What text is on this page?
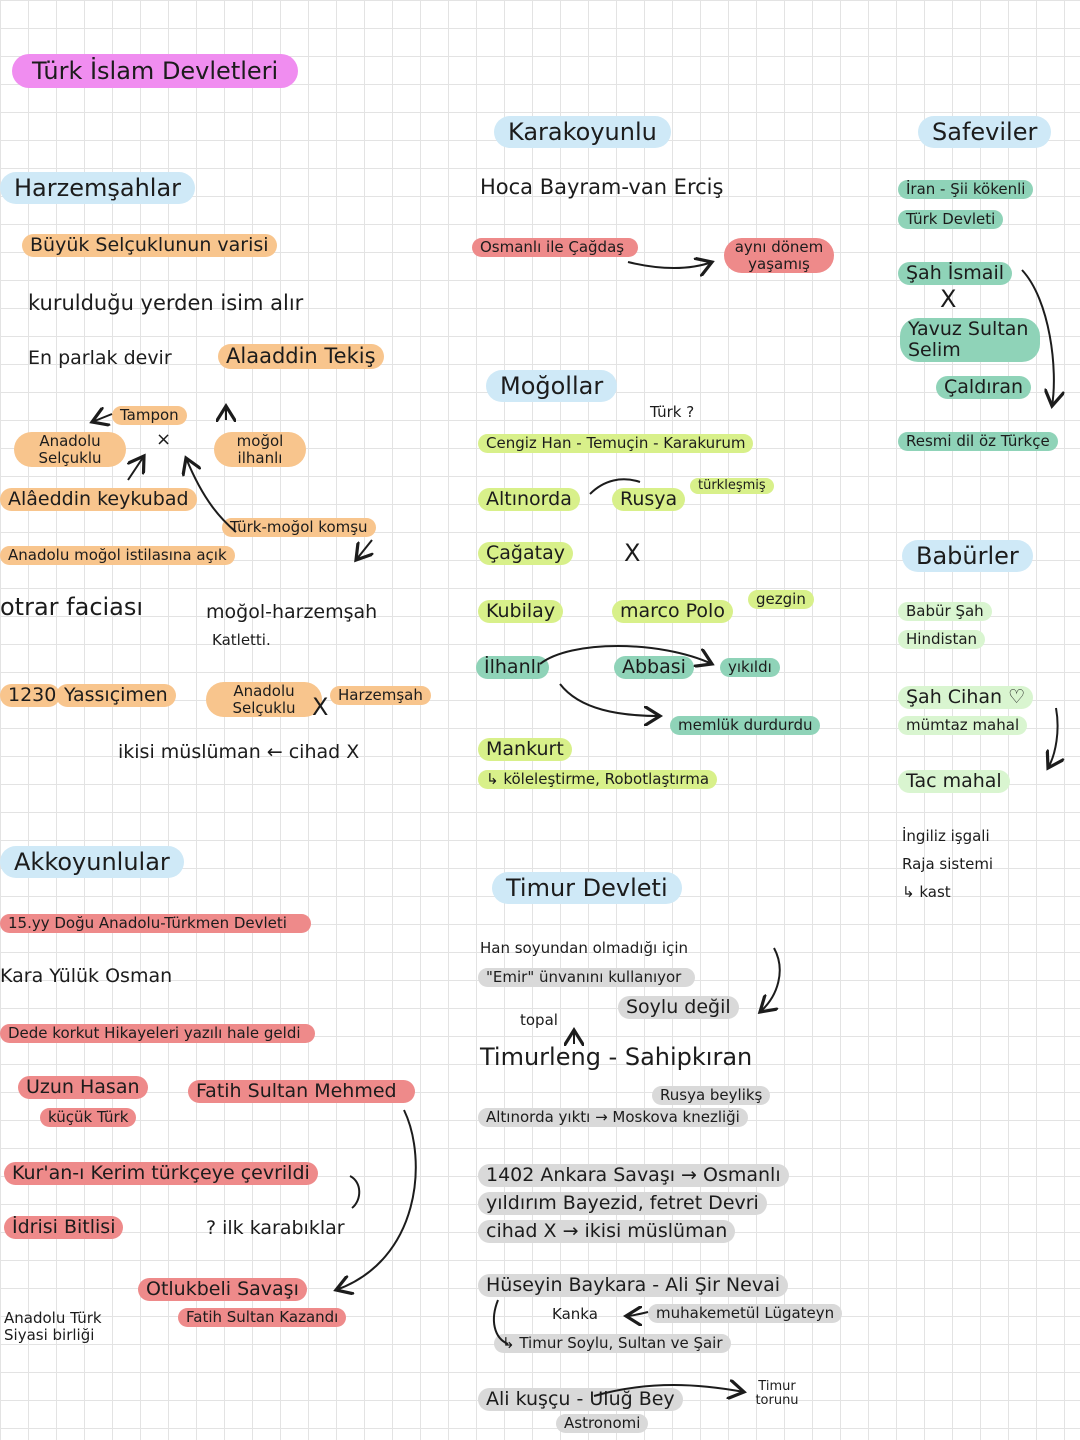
Türk İslam Devletleri
Harzemşahlar
Büyük Selçuklunun varisi
kurulduğu yerden isim alır
En parlak devir	Alaaddin Tekiş
Tampon
Anadolu Selçuklu
moğol ilhanlı
×
Alâeddin keykubad
Türk-moğol komşu
Anadolu moğol istilasına açık
otrar faciası	moğol-harzemşah
Katletti.
1230 Yassıçimen	Anadolu Selçuklu X Harzemşah
ikisi müslüman ← cihad X
Akkoyunlular
15.yy Doğu Anadolu-Türkmen Devleti
Kara Yülük Osman
Dede korkut Hikayeleri yazılı hale geldi
Uzun Hasan
küçük Türk
Fatih Sultan Mehmed
Kur'an-ı Kerim türkçeye çevrildi
İdrisi Bitlisi	? ilk karabıklar
Otlukbeli Savaşı
Fatih Sultan Kazandı
Anadolu Türk Siyasi birliği
Karakoyunlu
Hoca Bayram-van Erciş
Osmanlı ile Çağdaş	aynı dönem yaşamış
Moğollar
Türk ?
Cengiz Han - Temuçin - Karakurum
Altınorda	Rusya
türkleşmiş
Çağatay	X
Kubilay	marco Polo
gezgin
İlhanlı	Abbasi	yıkıldı
memlük durdurdu
Mankurt
↳ köleleştirme, Robotlaştırma
Timur Devleti
Han soyundan olmadığı için
"Emir" ünvanını kullanıyor
Soylu değil
topal
Timurleng - Sahipkıran
Rusya beylikş
Altınorda yıktı → Moskova knezliği
1402 Ankara Savaşı → Osmanlı
yıldırım Bayezid, fetret Devri
cihad X → ikisi müslüman
Hüseyin Baykara - Ali Şir Nevai
Kanka	muhakemetül Lügateyn
↳ Timur Soylu, Sultan ve Şair
Ali kuşçu - Uluğ Bey
Astronomi
Timur torunu
Safeviler
İran - Şii kökenli
Türk Devleti
Şah İsmail
X
Yavuz Sultan Selim
Çaldıran
Resmi dil öz Türkçe
Babürler
Babür Şah
Hindistan
Şah Cihan ♡
mümtaz mahal
Tac mahal
İngiliz işgali
Raja sistemi
↳ kast
